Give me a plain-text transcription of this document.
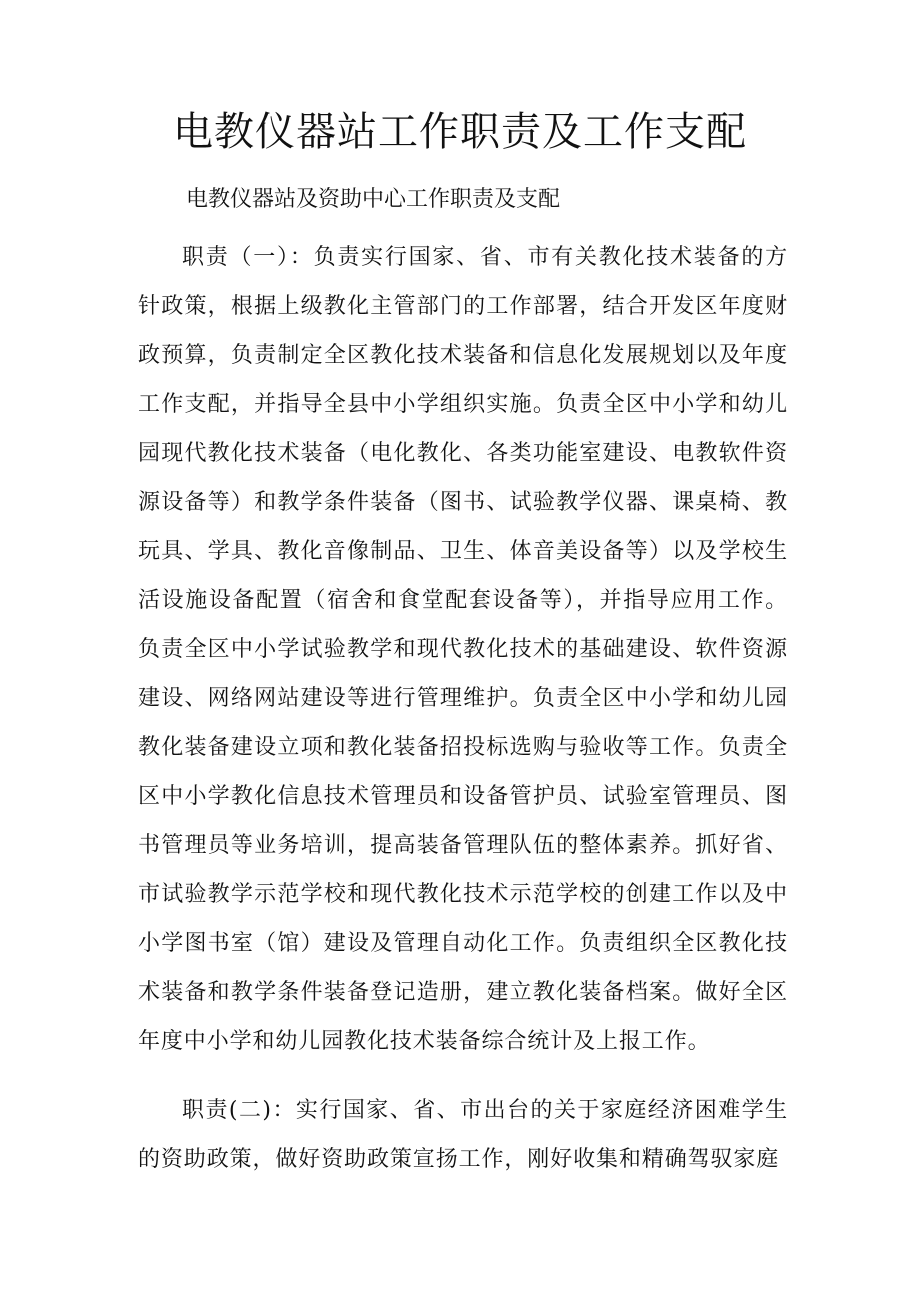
电教仪器站工作职责及工作支配

电教仪器站及资助中心工作职责及支配

职责（一）：负责实行国家、省、市有关教化技术装备的方针政策，根据上级教化主管部门的工作部署，结合开发区年度财政预算，负责制定全区教化技术装备和信息化发展规划以及年度工作支配，并指导全县中小学组织实施。负责全区中小学和幼儿园现代教化技术装备（电化教化、各类功能室建设、电教软件资源设备等）和教学条件装备（图书、试验教学仪器、课桌椅、教玩具、学具、教化音像制品、卫生、体音美设备等）以及学校生活设施设备配置（宿舍和食堂配套设备等），并指导应用工作。负责全区中小学试验教学和现代教化技术的基础建设、软件资源建设、网络网站建设等进行管理维护。负责全区中小学和幼儿园教化装备建设立项和教化装备招投标选购与验收等工作。负责全区中小学教化信息技术管理员和设备管护员、试验室管理员、图书管理员等业务培训，提高装备管理队伍的整体素养。抓好省、市试验教学示范学校和现代教化技术示范学校的创建工作以及中小学图书室（馆）建设及管理自动化工作。负责组织全区教化技术装备和教学条件装备登记造册，建立教化装备档案。做好全区年度中小学和幼儿园教化技术装备综合统计及上报工作。

职责(二)：实行国家、省、市出台的关于家庭经济困难学生的资助政策，做好资助政策宣扬工作，刚好收集和精确驾驭家庭
